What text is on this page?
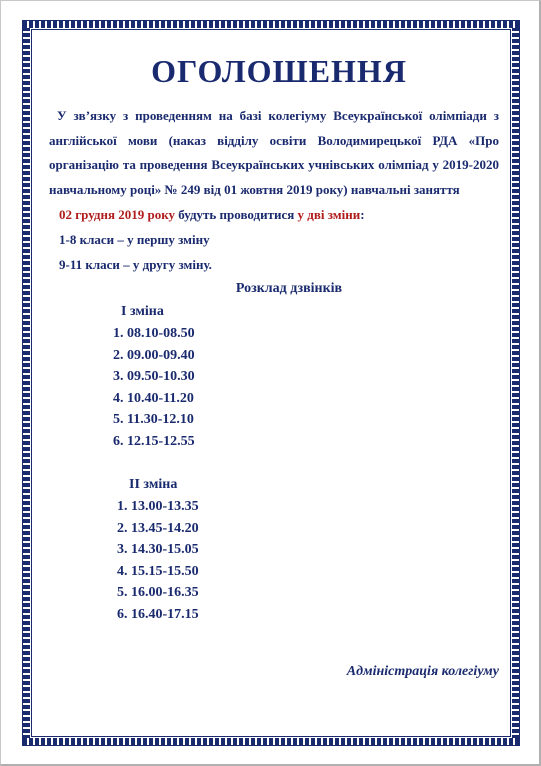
ОГОЛОШЕННЯ

У зв’язку з проведенням на базі колегіуму Всеукраїнської олімпіади з англійської мови (наказ відділу освіти Володимирецької РДА «Про організацію та проведення Всеукраїнських учнівських олімпіад у 2019-2020 навчальному році» № 249 від 01 жовтня 2019 року) навчальні заняття

02 грудня 2019 року будуть проводитися у дві зміни:

1-8 класи – у першу зміну

9-11 класи – у другу зміну.

Розклад дзвінків

I зміна

1. 08.10-08.50
2. 09.00-09.40
3. 09.50-10.30
4. 10.40-11.20
5. 11.30-12.10
6. 12.15-12.55

II зміна

1. 13.00-13.35
2. 13.45-14.20
3. 14.30-15.05
4. 15.15-15.50
5. 16.00-16.35
6. 16.40-17.15
Адміністрація колегіуму
